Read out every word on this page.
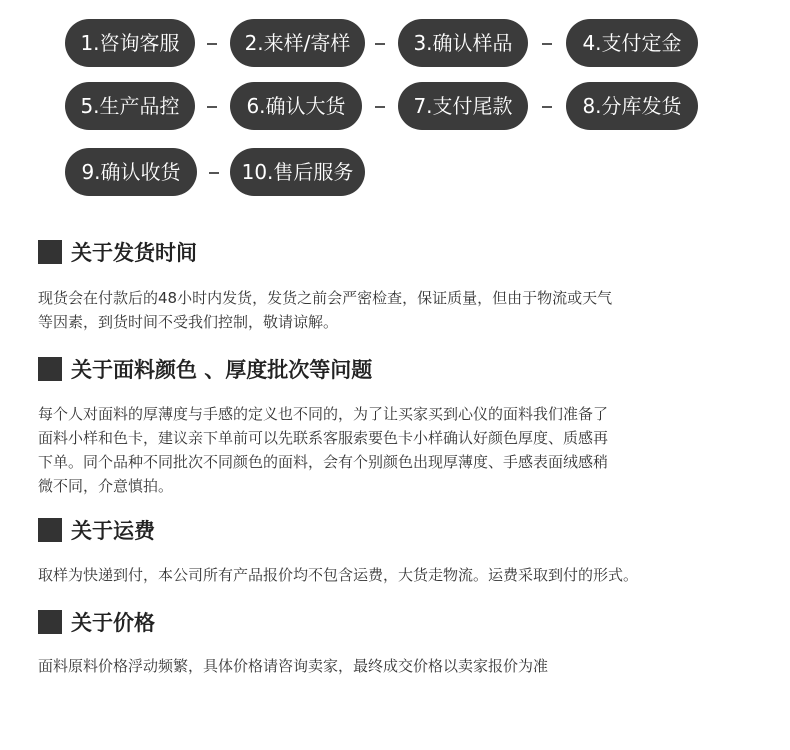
1.咨询客服	2.来样/寄样	3.确认样品	4.支付定金
5.生产品控	6.确认大货	7.支付尾款	8.分库发货
9.确认收货	10.售后服务
关于发货时间
现货会在付款后的48小时内发货，发货之前会严密检查，保证质量，但由于物流或天气
等因素，到货时间不受我们控制，敬请谅解。
关于面料颜色 、厚度批次等问题
每个人对面料的厚薄度与手感的定义也不同的，为了让买家买到心仪的面料我们准备了
面料小样和色卡，建议亲下单前可以先联系客服索要色卡小样确认好颜色厚度、质感再
下单。同个品种不同批次不同颜色的面料，会有个别颜色出现厚薄度、手感表面绒感稍
微不同，介意慎拍。
关于运费
取样为快递到付，本公司所有产品报价均不包含运费，大货走物流。运费采取到付的形式。
关于价格
面料原料价格浮动频繁，具体价格请咨询卖家，最终成交价格以卖家报价为准
